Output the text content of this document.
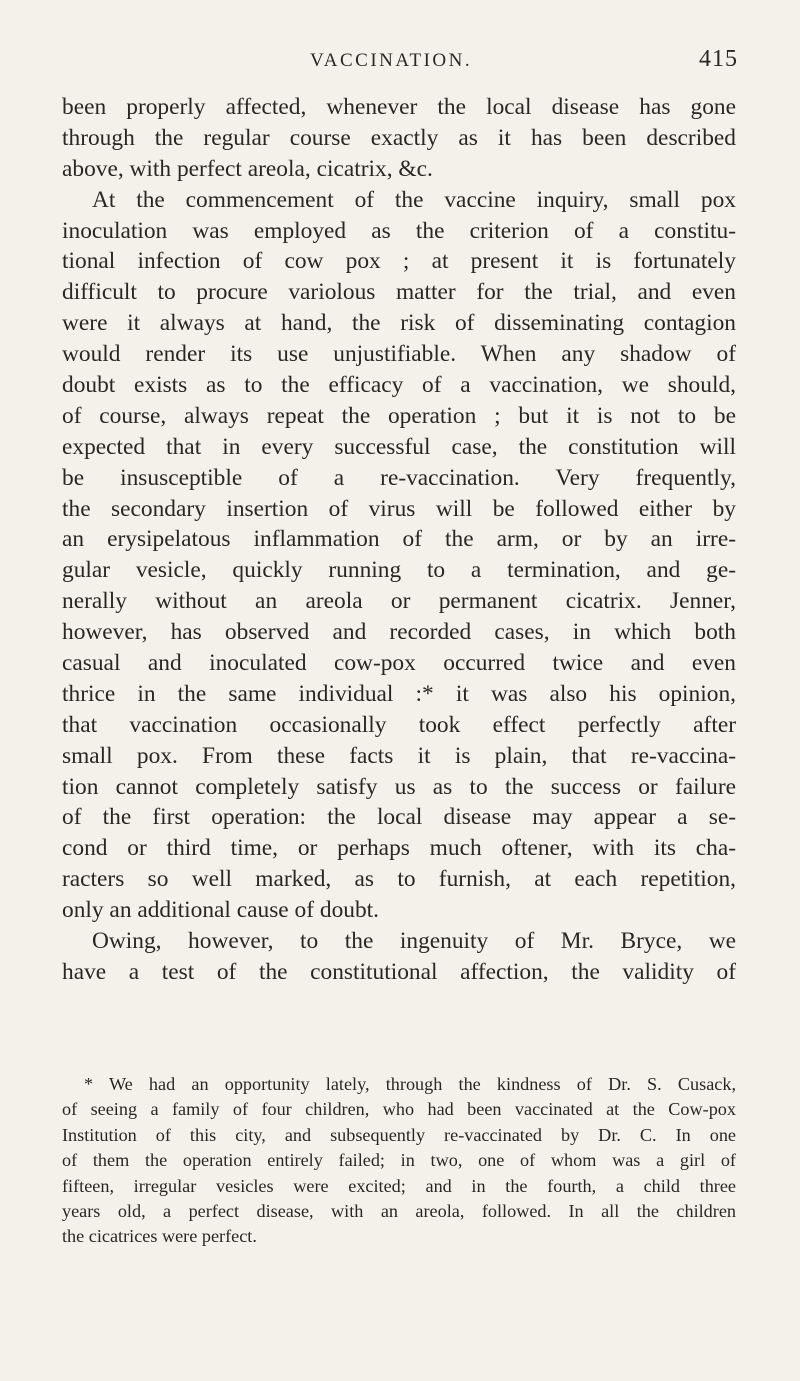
VACCINATION.	415
been properly affected, whenever the local disease has gone
through the regular course exactly as it has been described
above, with perfect areola, cicatrix, &c.
At the commencement of the vaccine inquiry, small pox
inoculation was employed as the criterion of a constitu-
tional infection of cow pox ; at present it is fortunately
difficult to procure variolous matter for the trial, and even
were it always at hand, the risk of disseminating contagion
would render its use unjustifiable. When any shadow of
doubt exists as to the efficacy of a vaccination, we should,
of course, always repeat the operation ; but it is not to be
expected that in every successful case, the constitution will
be insusceptible of a re-vaccination. Very frequently,
the secondary insertion of virus will be followed either by
an erysipelatous inflammation of the arm, or by an irre-
gular vesicle, quickly running to a termination, and ge-
nerally without an areola or permanent cicatrix. Jenner,
however, has observed and recorded cases, in which both
casual and inoculated cow-pox occurred twice and even
thrice in the same individual :* it was also his opinion,
that vaccination occasionally took effect perfectly after
small pox. From these facts it is plain, that re-vaccina-
tion cannot completely satisfy us as to the success or failure
of the first operation: the local disease may appear a se-
cond or third time, or perhaps much oftener, with its cha-
racters so well marked, as to furnish, at each repetition,
only an additional cause of doubt.
Owing, however, to the ingenuity of Mr. Bryce, we
have a test of the constitutional affection, the validity of
* We had an opportunity lately, through the kindness of Dr. S. Cusack,
of seeing a family of four children, who had been vaccinated at the Cow-pox
Institution of this city, and subsequently re-vaccinated by Dr. C. In one
of them the operation entirely failed; in two, one of whom was a girl of
fifteen, irregular vesicles were excited; and in the fourth, a child three
years old, a perfect disease, with an areola, followed. In all the children
the cicatrices were perfect.
